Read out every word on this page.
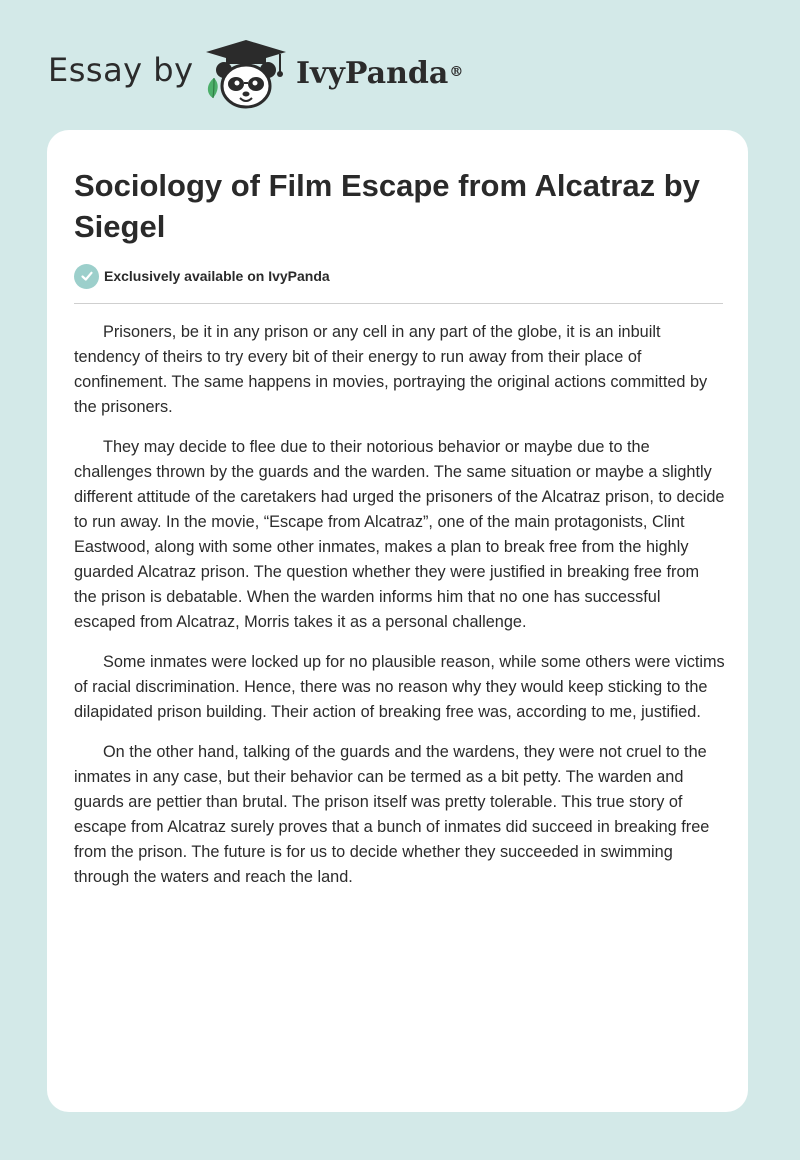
Essay by	IvyPanda®
Sociology of Film Escape from Alcatraz by Siegel
Exclusively available on IvyPanda

Prisoners, be it in any prison or any cell in any part of the globe, it is an inbuilt tendency of theirs to try every bit of their energy to run away from their place of confinement. The same happens in movies, portraying the original actions committed by the prisoners.

They may decide to flee due to their notorious behavior or maybe due to the challenges thrown by the guards and the warden. The same situation or maybe a slightly different attitude of the caretakers had urged the prisoners of the Alcatraz prison, to decide to run away. In the movie, “Escape from Alcatraz”, one of the main protagonists, Clint Eastwood, along with some other inmates, makes a plan to break free from the highly guarded Alcatraz prison. The question whether they were justified in breaking free from the prison is debatable. When the warden informs him that no one has successful escaped from Alcatraz, Morris takes it as a personal challenge.

Some inmates were locked up for no plausible reason, while some others were victims of racial discrimination. Hence, there was no reason why they would keep sticking to the dilapidated prison building. Their action of breaking free was, according to me, justified.

On the other hand, talking of the guards and the wardens, they were not cruel to the inmates in any case, but their behavior can be termed as a bit petty. The warden and guards are pettier than brutal. The prison itself was pretty tolerable. This true story of escape from Alcatraz surely proves that a bunch of inmates did succeed in breaking free from the prison. The future is for us to decide whether they succeeded in swimming through the waters and reach the land.
